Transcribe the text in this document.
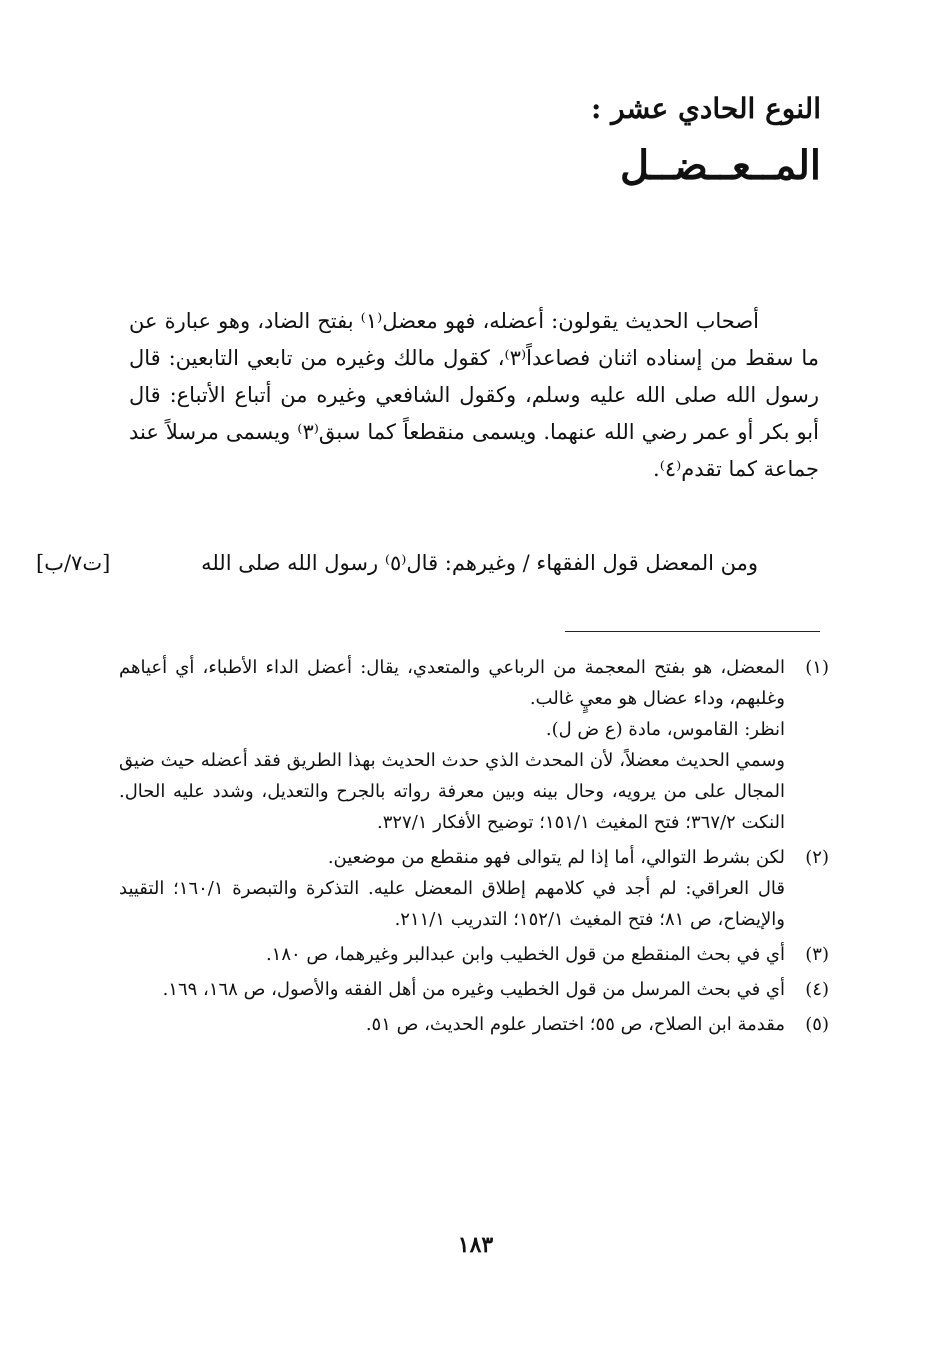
النوع الحادي عشر :
المــعــضــل

أصحاب الحديث يقولون: أعضله، فهو معضل⁽١⁾ بفتح الضاد، وهو عبارة عن ما سقط من إسناده اثنان فصاعداً⁽٣⁾، كقول مالك وغيره من تابعي التابعين: قال رسول الله صلى الله عليه وسلم، وكقول الشافعي وغيره من أتباع الأتباع: قال أبو بكر أو عمر رضي الله عنهما. ويسمى منقطعاً كما سبق⁽٣⁾ ويسمى مرسلاً عند جماعة كما تقدم⁽٤⁾.

ومن المعضل قول الفقهاء / وغيرهم: قال⁽٥⁾ رسول الله صلى الله
[ت٧/ب]
(١)

المعضل، هو بفتح المعجمة من الرباعي والمتعدي، يقال: أعضل الداء الأطباء، أي أعياهم وغلبهم، وداء عضال هو معيٍ غالب.

انظر: القاموس، مادة (ع ض ل).

وسمي الحديث معضلاً، لأن المحدث الذي حدث الحديث بهذا الطريق فقد أعضله حيث ضيق المجال على من يرويه، وحال بينه وبين معرفة رواته بالجرح والتعديل، وشدد عليه الحال. النكت ٣٦٧/٢؛ فتح المغيث ١٥١/١؛ توضيح الأفكار ٣٢٧/١.

(٢)

لكن بشرط التوالي، أما إذا لم يتوالى فهو منقطع من موضعين.

قال العراقي: لم أجد في كلامهم إطلاق المعضل عليه. التذكرة والتبصرة ١٦٠/١؛ التقييد والإيضاح، ص ٨١؛ فتح المغيث ١٥٢/١؛ التدريب ٢١١/١.

(٣)

أي في بحث المنقطع من قول الخطيب وابن عبدالبر وغيرهما، ص ١٨٠.

(٤)

أي في بحث المرسل من قول الخطيب وغيره من أهل الفقه والأصول، ص ١٦٨، ١٦٩.

(٥)

مقدمة ابن الصلاح، ص ٥٥؛ اختصار علوم الحديث، ص ٥١.

١٨٣
